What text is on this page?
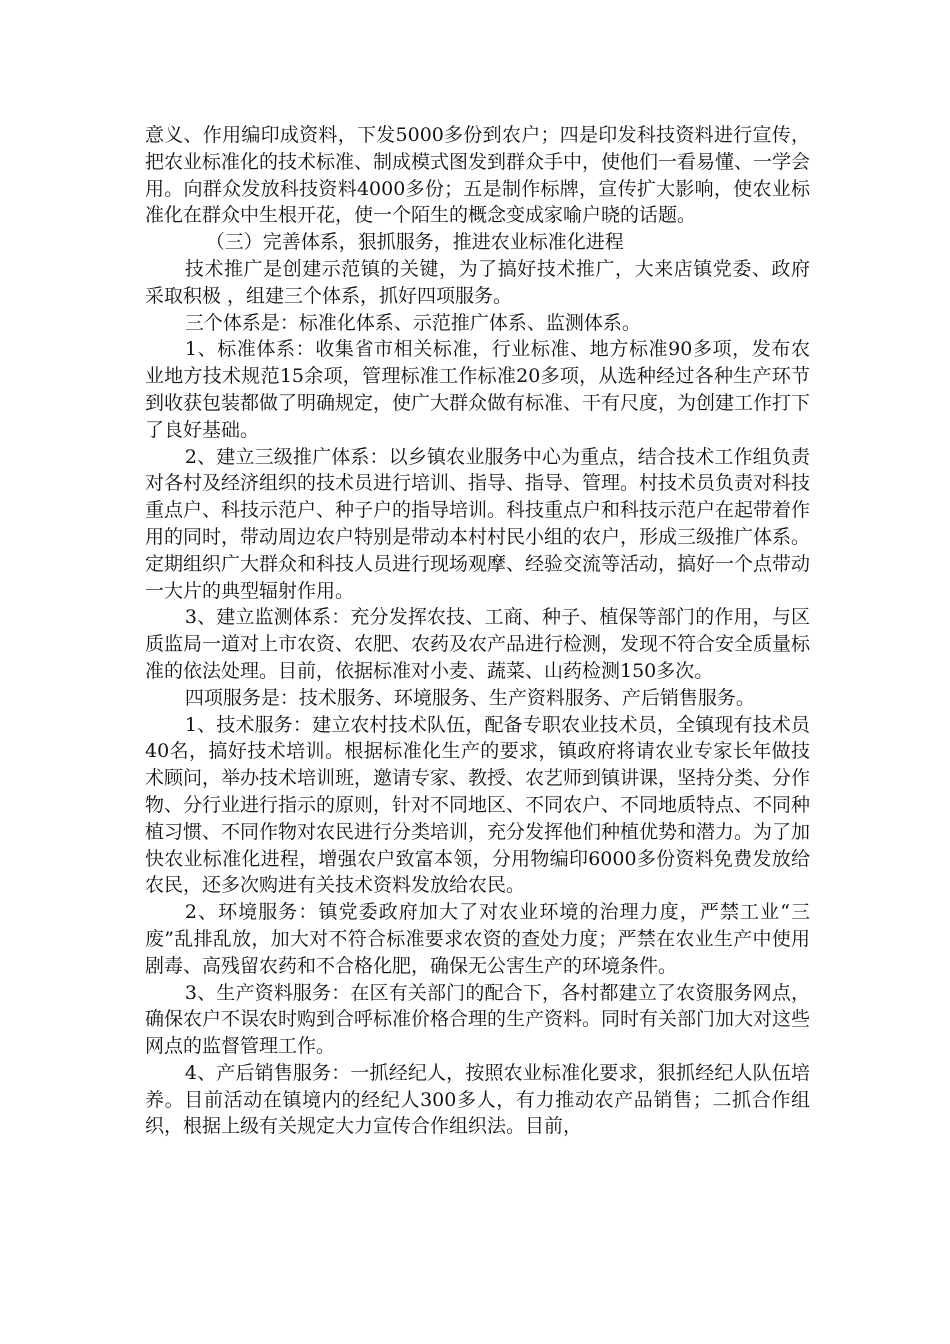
意义、作用编印成资料，下发5000多份到农户；四是印发科技资料进行宣传，把农业标准化的技术标准、制成模式图发到群众手中，使他们一看易懂、一学会用。向群众发放科技资料4000多份；五是制作标牌，宣传扩大影响，使农业标准化在群众中生根开花，使一个陌生的概念变成家喻户晓的话题。

（三）完善体系，狠抓服务，推进农业标准化进程

技术推广是创建示范镇的关键，为了搞好技术推广，大来店镇党委、政府采取积极 ，组建三个体系，抓好四项服务。

三个体系是：标准化体系、示范推广体系、监测体系。

1、标准体系：收集省市相关标准，行业标准、地方标准90多项，发布农业地方技术规范15余项，管理标准工作标准20多项，从选种经过各种生产环节到收获包装都做了明确规定，使广大群众做有标准、干有尺度，为创建工作打下了良好基础。

2、建立三级推广体系：以乡镇农业服务中心为重点，结合技术工作组负责对各村及经济组织的技术员进行培训、指导、指导、管理。村技术员负责对科技重点户、科技示范户、种子户的指导培训。科技重点户和科技示范户在起带着作用的同时，带动周边农户特别是带动本村村民小组的农户，形成三级推广体系。定期组织广大群众和科技人员进行现场观摩、经验交流等活动，搞好一个点带动一大片的典型辐射作用。

3、建立监测体系：充分发挥农技、工商、种子、植保等部门的作用，与区质监局一道对上市农资、农肥、农药及农产品进行检测，发现不符合安全质量标准的依法处理。目前，依据标准对小麦、蔬菜、山药检测150多次。

四项服务是：技术服务、环境服务、生产资料服务、产后销售服务。

1、技术服务：建立农村技术队伍，配备专职农业技术员，全镇现有技术员40名，搞好技术培训。根据标准化生产的要求，镇政府将请农业专家长年做技术顾问，举办技术培训班，邀请专家、教授、农艺师到镇讲课，坚持分类、分作物、分行业进行指示的原则，针对不同地区、不同农户、不同地质特点、不同种植习惯、不同作物对农民进行分类培训，充分发挥他们种植优势和潜力。为了加快农业标准化进程，增强农户致富本领，分用物编印6000多份资料免费发放给农民，还多次购进有关技术资料发放给农民。

2、环境服务：镇党委政府加大了对农业环境的治理力度，严禁工业“三废”乱排乱放，加大对不符合标准要求农资的查处力度；严禁在农业生产中使用剧毒、高残留农药和不合格化肥，确保无公害生产的环境条件。

3、生产资料服务：在区有关部门的配合下，各村都建立了农资服务网点，确保农户不误农时购到合呼标准价格合理的生产资料。同时有关部门加大对这些网点的监督管理工作。

4、产后销售服务：一抓经纪人，按照农业标准化要求，狠抓经纪人队伍培养。目前活动在镇境内的经纪人300多人，有力推动农产品销售；二抓合作组织，根据上级有关规定大力宣传合作组织法。目前，
